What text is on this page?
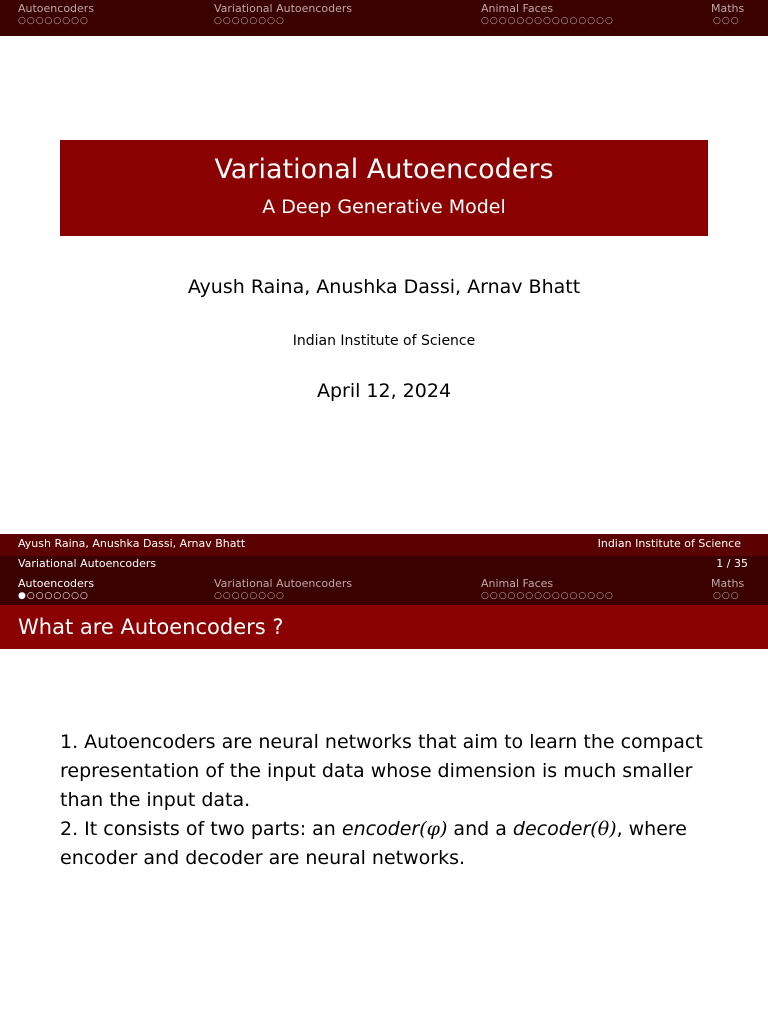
Autoencoders
○○○○○○○○
Variational Autoencoders
○○○○○○○○
Animal Faces
○○○○○○○○○○○○○○○
Maths
○○○
Variational Autoencoders
A Deep Generative Model
Ayush Raina, Anushka Dassi, Arnav Bhatt
Indian Institute of Science
April 12, 2024
Ayush Raina, Anushka Dassi, Arnav Bhatt	Indian Institute of Science
Variational Autoencoders	1 / 35
Autoencoders
●○○○○○○○
Variational Autoencoders
○○○○○○○○
Animal Faces
○○○○○○○○○○○○○○○
Maths
○○○
What are Autoencoders ?

1. Autoencoders are neural networks that aim to learn the compact representation of the input data whose dimension is much smaller than the input data.

2. It consists of two parts: an encoder(φ) and a decoder(θ), where encoder and decoder are neural networks.
